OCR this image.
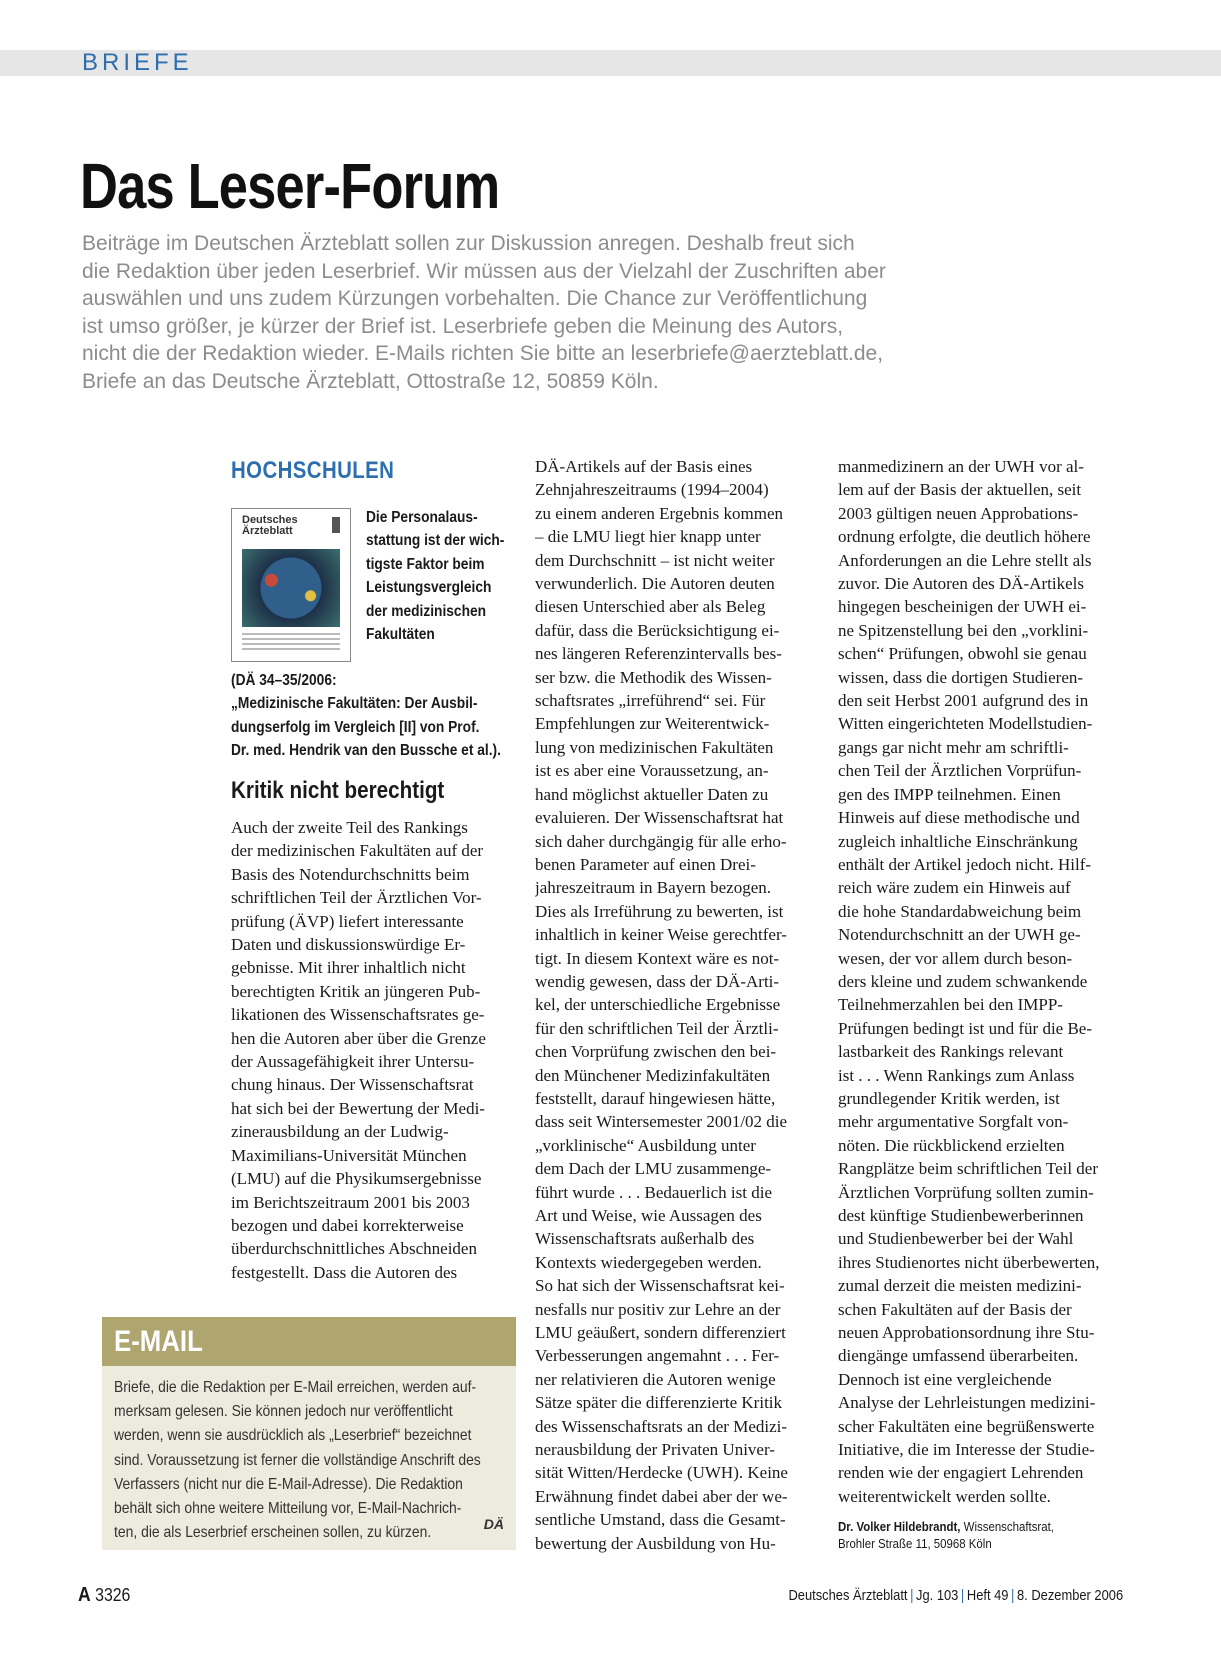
BRIEFE
Das Leser-Forum
Beiträge im Deutschen Ärzteblatt sollen zur Diskussion anregen. Deshalb freut sich
die Redaktion über jeden Leserbrief. Wir müssen aus der Vielzahl der Zuschriften aber
auswählen und uns zudem Kürzungen vorbehalten. Die Chance zur Veröffentlichung
ist umso größer, je kürzer der Brief ist. Leserbriefe geben die Meinung des Autors,
nicht die der Redaktion wieder. E-Mails richten Sie bitte an leserbriefe@aerzteblatt.de,
Briefe an das Deutsche Ärzteblatt, Ottostraße 12, 50859 Köln.
HOCHSCHULEN
Deutsches
Ärzteblatt
Die Personalaus-
stattung ist der wich-
tigste Faktor beim
Leistungsvergleich
der medizinischen
Fakultäten
(DÄ 34–35/2006:
„Medizinische Fakultäten: Der Ausbil-
dungserfolg im Vergleich [II] von Prof.
Dr. med. Hendrik van den Bussche et al.).
Kritik nicht berechtigt
Auch der zweite Teil des Rankings
der medizinischen Fakultäten auf der
Basis des Notendurchschnitts beim
schriftlichen Teil der Ärztlichen Vor-
prüfung (ÄVP) liefert interessante
Daten und diskussionswürdige Er-
gebnisse. Mit ihrer inhaltlich nicht
berechtigten Kritik an jüngeren Pub-
likationen des Wissenschaftsrates ge-
hen die Autoren aber über die Grenze
der Aussagefähigkeit ihrer Untersu-
chung hinaus. Der Wissenschaftsrat
hat sich bei der Bewertung der Medi-
zinerausbildung an der Ludwig-
Maximilians-Universität München
(LMU) auf die Physikumsergebnisse
im Berichtszeitraum 2001 bis 2003
bezogen und dabei korrekterweise
überdurchschnittliches Abschneiden
festgestellt. Dass die Autoren des
DÄ-Artikels auf der Basis eines
Zehnjahreszeitraums (1994–2004)
zu einem anderen Ergebnis kommen
– die LMU liegt hier knapp unter
dem Durchschnitt – ist nicht weiter
verwunderlich. Die Autoren deuten
diesen Unterschied aber als Beleg
dafür, dass die Berücksichtigung ei-
nes längeren Referenzintervalls bes-
ser bzw. die Methodik des Wissen-
schaftsrates „irreführend“ sei. Für
Empfehlungen zur Weiterentwick-
lung von medizinischen Fakultäten
ist es aber eine Voraussetzung, an-
hand möglichst aktueller Daten zu
evaluieren. Der Wissenschaftsrat hat
sich daher durchgängig für alle erho-
benen Parameter auf einen Drei-
jahreszeitraum in Bayern bezogen.
Dies als Irreführung zu bewerten, ist
inhaltlich in keiner Weise gerechtfer-
tigt. In diesem Kontext wäre es not-
wendig gewesen, dass der DÄ-Arti-
kel, der unterschiedliche Ergebnisse
für den schriftlichen Teil der Ärztli-
chen Vorprüfung zwischen den bei-
den Münchener Medizinfakultäten
feststellt, darauf hingewiesen hätte,
dass seit Wintersemester 2001/02 die
„vorklinische“ Ausbildung unter
dem Dach der LMU zusammenge-
führt wurde . . . Bedauerlich ist die
Art und Weise, wie Aussagen des
Wissenschaftsrats außerhalb des
Kontexts wiedergegeben werden.
So hat sich der Wissenschaftsrat kei-
nesfalls nur positiv zur Lehre an der
LMU geäußert, sondern differenziert
Verbesserungen angemahnt . . . Fer-
ner relativieren die Autoren wenige
Sätze später die differenzierte Kritik
des Wissenschaftsrats an der Medizi-
nerausbildung der Privaten Univer-
sität Witten/Herdecke (UWH). Keine
Erwähnung findet dabei aber der we-
sentliche Umstand, dass die Gesamt-
bewertung der Ausbildung von Hu-
manmedizinern an der UWH vor al-
lem auf der Basis der aktuellen, seit
2003 gültigen neuen Approbations-
ordnung erfolgte, die deutlich höhere
Anforderungen an die Lehre stellt als
zuvor. Die Autoren des DÄ-Artikels
hingegen bescheinigen der UWH ei-
ne Spitzenstellung bei den „vorklini-
schen“ Prüfungen, obwohl sie genau
wissen, dass die dortigen Studieren-
den seit Herbst 2001 aufgrund des in
Witten eingerichteten Modellstudien-
gangs gar nicht mehr am schriftli-
chen Teil der Ärztlichen Vorprüfun-
gen des IMPP teilnehmen. Einen
Hinweis auf diese methodische und
zugleich inhaltliche Einschränkung
enthält der Artikel jedoch nicht. Hilf-
reich wäre zudem ein Hinweis auf
die hohe Standardabweichung beim
Notendurchschnitt an der UWH ge-
wesen, der vor allem durch beson-
ders kleine und zudem schwankende
Teilnehmerzahlen bei den IMPP-
Prüfungen bedingt ist und für die Be-
lastbarkeit des Rankings relevant
ist . . . Wenn Rankings zum Anlass
grundlegender Kritik werden, ist
mehr argumentative Sorgfalt von-
nöten. Die rückblickend erzielten
Rangplätze beim schriftlichen Teil der
Ärztlichen Vorprüfung sollten zumin-
dest künftige Studienbewerberinnen
und Studienbewerber bei der Wahl
ihres Studienortes nicht überbewerten,
zumal derzeit die meisten medizini-
schen Fakultäten auf der Basis der
neuen Approbationsordnung ihre Stu-
diengänge umfassend überarbeiten.
Dennoch ist eine vergleichende
Analyse der Lehrleistungen medizini-
scher Fakultäten eine begrüßenswerte
Initiative, die im Interesse der Studie-
renden wie der engagiert Lehrenden
weiterentwickelt werden sollte.
Dr. Volker Hildebrandt, Wissenschaftsrat,
Brohler Straße 11, 50968 Köln
E-MAIL
Briefe, die die Redaktion per E-Mail erreichen, werden auf-
merksam gelesen. Sie können jedoch nur veröffentlicht
werden, wenn sie ausdrücklich als „Leserbrief“ bezeichnet
sind. Voraussetzung ist ferner die vollständige Anschrift des
Verfassers (nicht nur die E-Mail-Adresse). Die Redaktion
behält sich ohne weitere Mitteilung vor, E-Mail-Nachrich-
ten, die als Leserbrief erscheinen sollen, zu kürzen.
DÄ
A 3326	Deutsches Ärzteblatt | Jg. 103 | Heft 49 | 8. Dezember 2006
